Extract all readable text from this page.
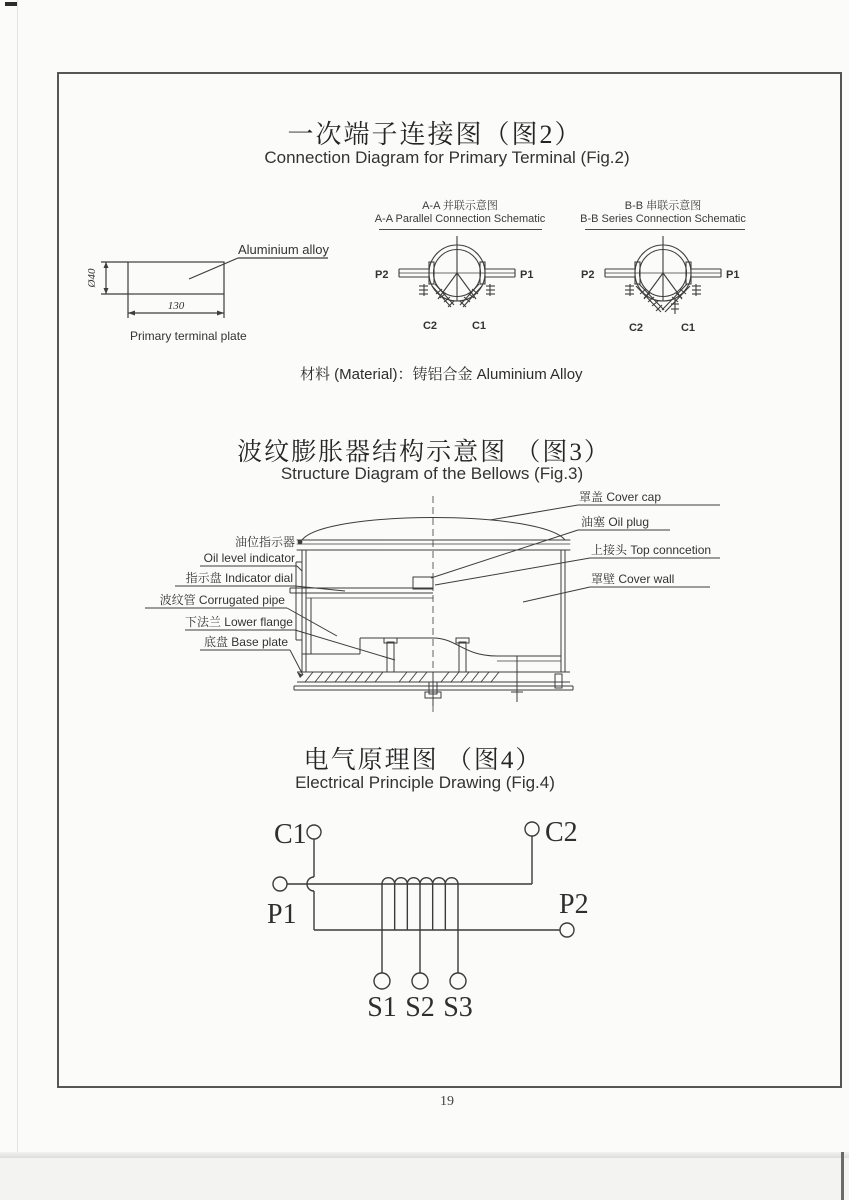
一次端子连接图（图2）
Connection Diagram for Primary Terminal (Fig.2)
A-A 并联示意图
A-A Parallel Connection Schematic
B-B 串联示意图
B-B Series Connection Schematic
Ø40
130
Aluminium alloy
Primary terminal plate
P2	P1
C2	C1
P2	P1
C2	C1
材料 (Material)：铸铝合金 Aluminium Alloy
波纹膨胀器结构示意图 （图3）
Structure Diagram of the Bellows (Fig.3)
罩盖 Cover cap
油塞 Oil plug
上接头 Top conncetion
罩壁 Cover wall
油位指示器
Oil level indicator
指示盘 Indicator dial
波纹管 Corrugated pipe
下法兰 Lower flange
底盘 Base plate
电气原理图 （图4）
Electrical Principle Drawing (Fig.4)
C1	C2
P1	P2
S1 S2 S3
19
